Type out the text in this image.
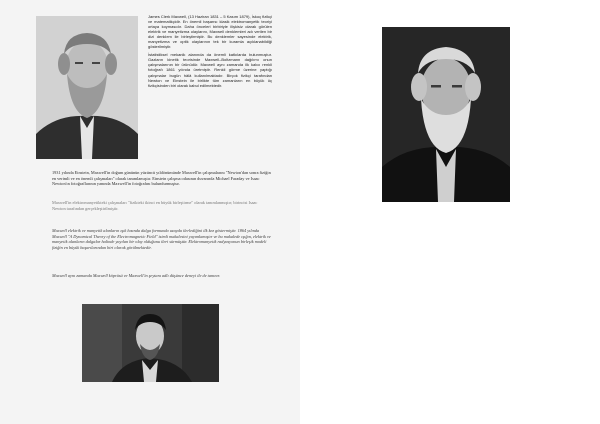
James Clerk Maxwell, (13 Haziran 1831 – 5 Kasım 1879), İskoç fizikçi ve matematikçidir. En önemli başarısı klasik elektromanyetik teoriyi ortaya koymasıdır. Daha önceleri birbiriyle ilişkisiz olarak görülen elektrik ve manyetizma olaylarını, Maxwell denklemleri adı verilen bir dizi denklem ile birleştirmiştir. Bu denklemler sayesinde elektrik, manyetizma ve optik olaylarının tek bir kuramla açıklanabildiği gösterilmiştir.

İstatistiksel mekanik alanında da önemli katkılarda bulunmuştur. Gazların kinetik teorisinde Maxwell–Boltzmann dağılımı onun çalışmalarının bir ürünüdür. Maxwell aynı zamanda ilk kalıcı renkli fotoğrafı 1861 yılında üretmiştir. Renkli görme üzerine yaptığı çalışmalar bugün hâlâ kullanılmaktadır. Birçok fizikçi tarafından Newton ve Einstein ile birlikte tüm zamanların en büyük üç fizikçisinden biri olarak kabul edilmektedir.

1931 yılında Einstein, Maxwell'in doğum gününün yüzüncü yıldönümünde Maxwell'in çalışmalarını "Newton'dan sonra fiziğin en verimli ve en önemli çalışmaları" olarak tanımlamıştır. Einstein çalışma odasının duvarında Michael Faraday ve Isaac Newton'ın fotoğraflarının yanında Maxwell'in fotoğrafını bulundurmuştur.

Maxwell'in elektromanyetikteki çalışmaları "fizikteki ikinci en büyük birleştirme" olarak tanımlanmıştır; birincisi Isaac Newton tarafından gerçekleştirilmiştir.

Maxwell elektrik ve manyetik alanların ışık hızında dalga formunda uzayda ilerlediğini ilk kez göstermiştir. 1864 yılında Maxwell "A Dynamical Theory of the Electromagnetic Field" isimli makalesini yayımlamıştır ve bu makalede ışığın, elektrik ve manyetik alanların dalgalar halinde yayılan bir olay olduğunu ileri sürmüştür. Elektromanyetik radyasyonun birleşik modeli fiziğin en büyük başarılarından biri olarak görülmektedir.

Maxwell aynı zamanda Maxwell köprüsü ve Maxwell'in şeytanı adlı düşünce deneyi ile de tanınır.
